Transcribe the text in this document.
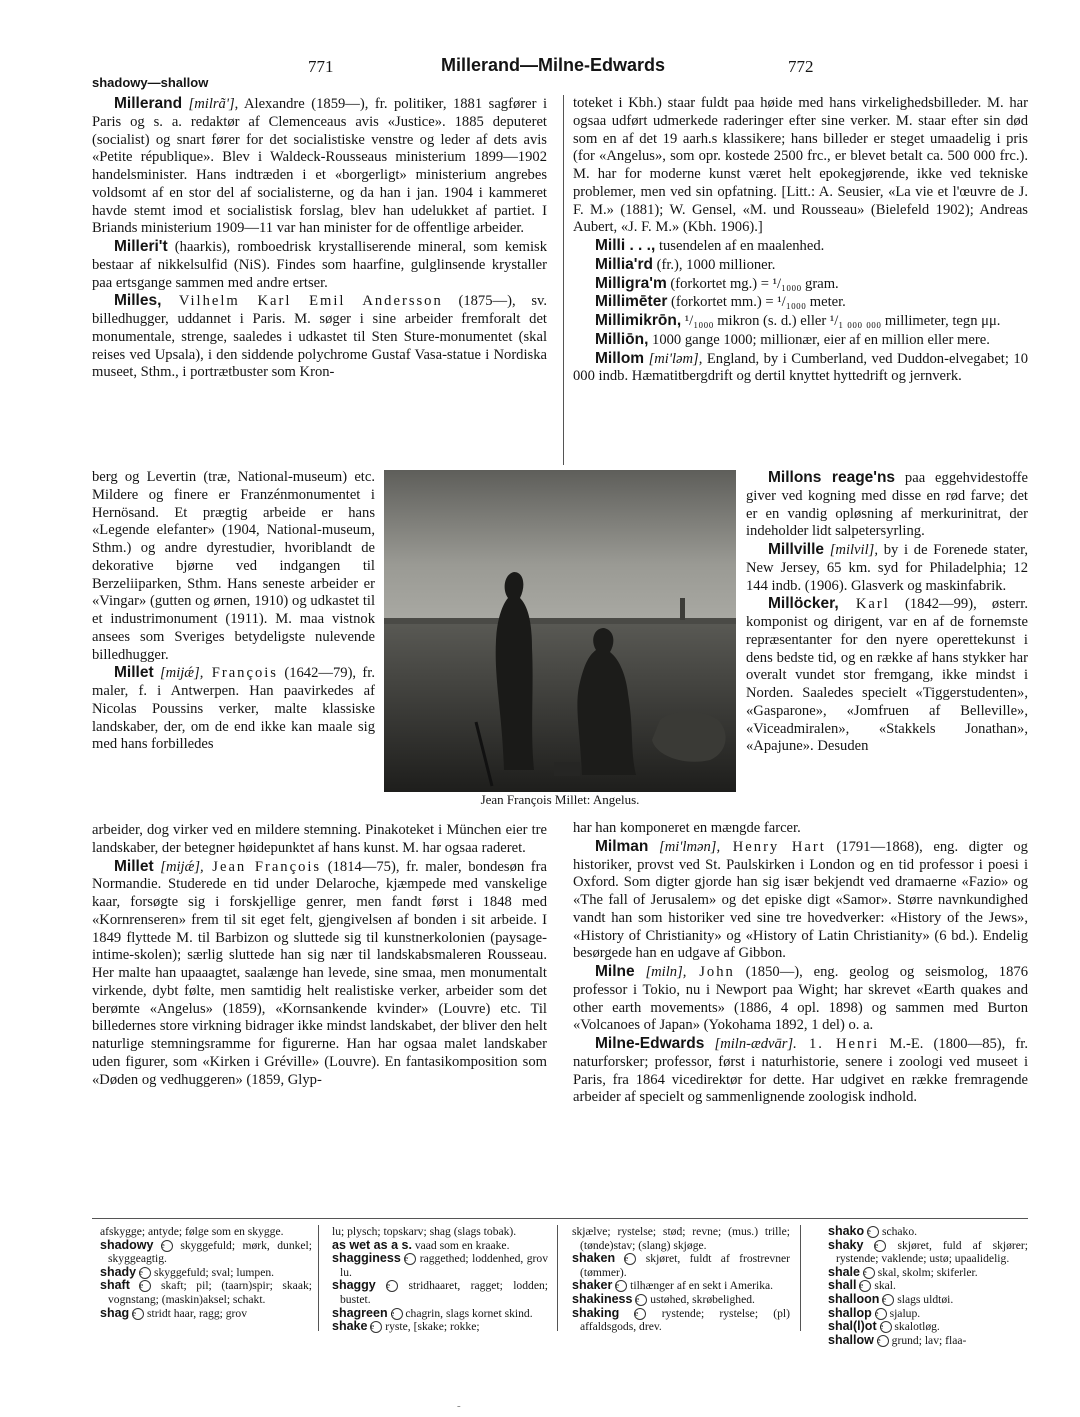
771	Millerand—Milne-Edwards	772
shadowy—shallow

Millerand [milrã'], Alexandre (1859—), fr. politiker, 1881 sagfører i Paris og s. a. redaktør af Clemenceaus avis «Justice». 1885 deputeret (socialist) og snart fører for det socialistiske venstre og leder af dets avis «Petite république». Blev i Waldeck-Rousseaus ministerium 1899—1902 handelsminister. Hans indtræden i et «borgerligt» ministerium angrebes voldsomt af en stor del af socialisterne, og da han i jan. 1904 i kammeret havde stemt imod et socialistisk forslag, blev han udelukket af partiet. I Briands ministerium 1909—11 var han minister for de offentlige arbeider.

Milleri't (haarkis), romboedrisk krystalliserende mineral, som kemisk bestaar af nikkelsulfid (NiS). Findes som haarfine, gulglinsende krystaller paa ertsgange sammen med andre ertser.

Milles, Vilhelm Karl Emil Andersson (1875—), sv. billedhugger, uddannet i Paris. M. søger i sine arbeider fremforalt det monumentale, strenge, saaledes i udkastet til Sten Sture-monumentet (skal reises ved Upsala), i den siddende polychrome Gustaf Vasa-statue i Nordiska museet, Sthm., i portrætbuster som Kron-

berg og Levertin (træ, National-museum) etc. Mildere og finere er Franzénmonumentet i Hernösand. Et prægtig arbeide er hans «Legende elefanter» (1904, National-museum, Sthm.) og andre dyrestudier, hvoriblandt de dekorative bjørne ved indgangen til Berzeliiparken, Sthm. Hans seneste arbeider er «Vingar» (gutten og ørnen, 1910) og udkastet til et industrimonument (1911). M. maa vistnok ansees som Sveriges betydeligste nulevende billedhugger.

Millet [mijǽ], François (1642—79), fr. maler, f. i Antwerpen. Han paavirkedes af Nicolas Poussins verker, malte klassiske landskaber, der, om de end ikke kan maale sig med hans forbilledes

arbeider, dog virker ved en mildere stemning. Pinakoteket i München eier tre landskaber, der betegner høidepunktet af hans kunst. M. har ogsaa raderet.

Millet [mijǽ], Jean François (1814—75), fr. maler, bondesøn fra Normandie. Studerede en tid under Delaroche, kjæmpede med vanskelige kaar, forsøgte sig i forskjellige genrer, men fandt først i 1848 med «Kornrenseren» frem til sit eget felt, gjengivelsen af bonden i sit arbeide. I 1849 flyttede M. til Barbizon og sluttede sig til kunstnerkolonien (paysage-intime-skolen); særlig sluttede han sig nær til landskabsmaleren Rousseau. Her malte han upaaagtet, saalænge han levede, sine smaa, men monumentalt virkende, dybt følte, men samtidig helt realistiske verker, arbeider som det berømte «Angelus» (1859), «Kornsankende kvinder» (Louvre) etc. Til billedernes store virkning bidrager ikke mindst landskabet, der bliver den helt naturlige stemningsramme for figurerne. Han har ogsaa malet landskaber uden figurer, som «Kirken i Gréville» (Louvre). En fantasikomposition som «Døden og vedhuggeren» (1859, Glyp-

toteket i Kbh.) staar fuldt paa høide med hans virkelighedsbilleder. M. har ogsaa udført udmerkede raderinger efter sine verker. M. staar efter sin død som en af det 19 aarh.s klassikere; hans billeder er steget umaadelig i pris (for «Angelus», som opr. kostede 2500 frc., er blevet betalt ca. 500 000 frc.). M. har for moderne kunst været helt epokegjørende, ikke ved tekniske problemer, men ved sin opfatning. [Litt.: A. Seusier, «La vie et l'œuvre de J. F. M.» (1881); W. Gensel, «M. und Rousseau» (Bielefeld 1902); Andreas Aubert, «J. F. M.» (Kbh. 1906).]

Milli . . ., tusendelen af en maalenhed.

Millia'rd (fr.), 1000 millioner.

Milligra'm (forkortet mg.) = ¹/₁₀₀₀ gram.

Millimēter (forkortet mm.) = ¹/₁₀₀₀ meter.

Millimikrōn, ¹/₁₀₀₀ mikron (s. d.) eller ¹/₁ ₀₀₀ ₀₀₀ millimeter, tegn μμ.

Milliōn, 1000 gange 1000; millionær, eier af en million eller mere.

Millom [mi'ləm], England, by i Cumberland, ved Duddon-elvegabet; 10 000 indb. Hæmatitbergdrift og dertil knyttet hyttedrift og jernverk.

Millons reage'ns paa eggehvidestoffe giver ved kogning med disse en rød farve; det er en vandig opløsning af merkurinitrat, der indeholder lidt salpetersyrling.

Millville [milvil], by i de Forenede stater, New Jersey, 65 km. syd for Philadelphia; 12 144 indb. (1906). Glasverk og maskinfabrik.

Millöcker, Karl (1842—99), østerr. komponist og dirigent, var en af de fornemste repræsentanter for den nyere operettekunst i dens bedste tid, og en række af hans stykker har overalt vundet stor fremgang, ikke mindst i Norden. Saaledes specielt «Tiggerstudenten», «Gasparone», «Jomfruen af Belleville», «Viceadmiralen», «Stakkels Jonathan», «Apajune». Desuden

har han komponeret en mængde farcer.

Milman [mi'lmən], Henry Hart (1791—1868), eng. digter og historiker, provst ved St. Paulskirken i London og en tid professor i poesi i Oxford. Som digter gjorde han sig især bekjendt ved dramaerne «Fazio» og «The fall of Jerusalem» og det episke digt «Samor». Større navnkundighed vandt han som historiker ved sine tre hovedverker: «History of the Jews», «History of Christianity» og «History of Latin Christianity» (6 bd.). Endelig besørgede han en udgave af Gibbon.

Milne [miln], John (1850—), eng. geolog og seismolog, 1876 professor i Tokio, nu i Newport paa Wight; har skrevet «Earth quakes and other earth movements» (1886, 4 opl. 1898) og sammen med Burton «Volcanoes of Japan» (Yokohama 1892, 1 del) o. a.

Milne-Edwards [miln-ædvār]. 1. Henri M.-E. (1800—85), fr. naturforsker; professor, først i naturhistorie, senere i zoologi ved museet i Paris, fra 1864 vicedirektør for dette. Har udgivet en række fremragende arbeider af specielt og sammenlignende zoologisk indhold.

Jean François Millet: Angelus.
afskygge; antyde; følge som en skygge.
shadowy e skyggefuld; mørk, dunkel; skyggeagtig.
shady e skyggefuld; sval; lumpen.
shaft e skaft; pil; (taarn)spir; skaak; vognstang; (maskin)aksel; schakt.
shag e stridt haar, ragg; grov
lu; plysch; topskarv; shag (slags tobak).
as wet as a s. vaad som en kraake.
shagginess e raggethed; loddenhed, grov lu.
shaggy e stridhaaret, ragget; lodden; bustet.
shagreen e chagrin, slags kornet skind.
shake e ryste, [skake; rokke;
skjælve; rystelse; stød; revne; (mus.) trille; (tønde)stav; (slang) skjøge.
shaken e skjøret, fuldt af frostrevner (tømmer).
shaker e tilhænger af en sekt i Amerika.
shakiness e ustøhed, skrøbelighed.
shaking e rystende; rystelse; (pl) affaldsgods, drev.
shako e schako.
shaky e skjøret, fuld af skjører; rystende; vaklende; ustø; upaalidelig.
shale e skal, skolm; skiferler.
shall e skal.
shalloon e slags uldtøi.
shallop e sjalup.
shal(l)ot e skalotløg.
shallow e grund; lav; flaa-
-
